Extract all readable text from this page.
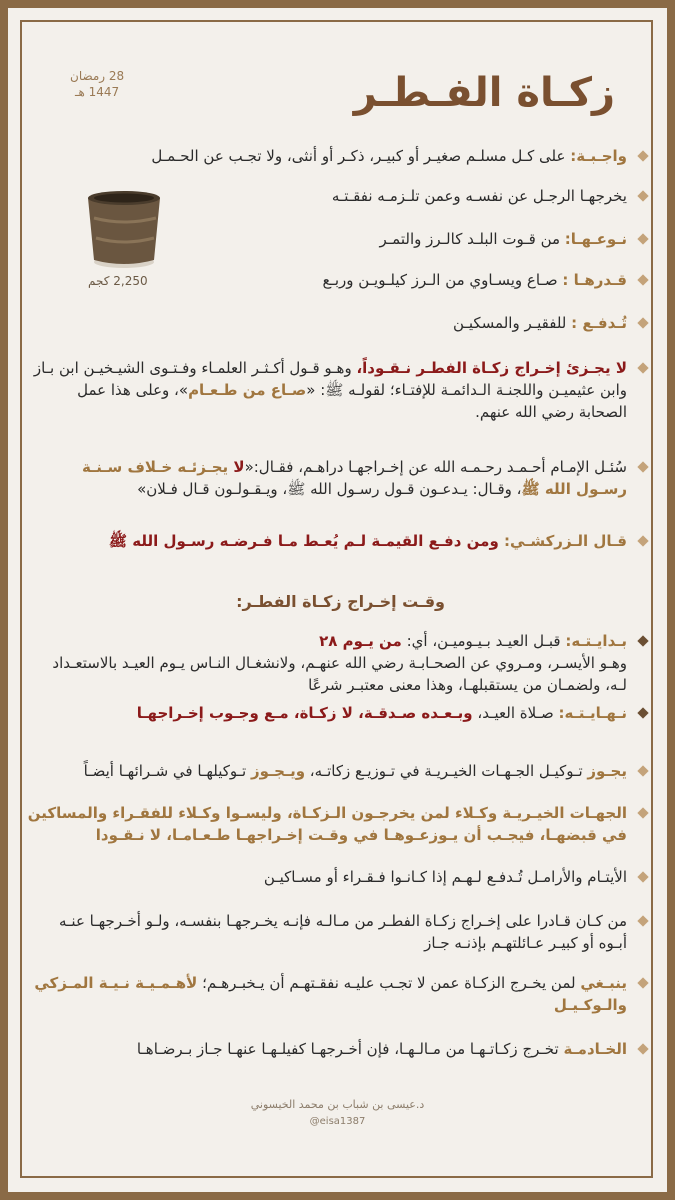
28 رمضان
1447 هـ	زكـاة الفـطـر
2,250 كجم
واجـبـة: على كـل مسلـم صغيـر أو كبيـر، ذكـر أو أنثى، ولا تجـب عن الحـمـل
يخرجهـا الرجـل عن نفسـه وعمن تلـزمـه نفقـتـه
نـوعـهـا: من قـوت البلـد كالـرز والتمـر
قـدرهـا : صـاع ويسـاوي من الـرز كيلـويـن وربـع
تُـدفـع : للفقيـر والمسكيـن
لا يجـزئ إخـراج زكـاة الفطـر نـقـوداً، وهـو قـول أكـثـر العلمـاء وفـتـوى الشيـخيـن ابن بـاز وابن عثيميـن واللجنـة الـدائمـة للإفتـاء؛ لقولـه ﷺ: «صـاع من طـعـام»، وعلى هذا عمل الصحابة رضي الله عنهم.
سُئـل الإمـام أحـمـد رحـمـه الله عن إخـراجهـا دراهـم، فقـال:«لا يجـزئـه خـلاف سـنـة رسـول الله ﷺ، وقـال: يـدعـون قـول رسـول الله ﷺ، ويـقـولـون قـال فـلان»
قـال الـزركشـي: ومن دفـع القيمـة لـم يُعـط مـا فـرضـه رسـول الله ﷺ
وقـت إخـراج زكـاة الفطـر:
بـدايـتـه: قبـل العيـد بـيـوميـن، أي: من يـوم ٢٨
وهـو الأيسـر، ومـروي عن الصحـابـة رضي الله عنهـم، ولانشغـال النـاس يـوم العيـد بالاستعـداد لـه، ولضمـان من يستقبلهـا، وهذا معنى معتبـر شرعًا
نـهـايـتـه: صـلاة العيـد، وبـعـده صـدقـة، لا زكـاة، مـع وجـوب إخـراجهـا
يجـوز تـوكيـل الجـهـات الخيـريـة في تـوزيـع زكاتـه، ويـجـوز تـوكيلهـا في شـرائهـا أيضـاً
الجهـات الخيـريـة وكـلاء لمن يخرجـون الـزكـاة، وليسـوا وكـلاء للفقـراء والمساكين في قبضهـا، فيجـب أن يـوزعـوهـا في وقـت إخـراجهـا طـعـامـا، لا نـقـودا
الأيتـام والأرامـل تُـدفـع لـهـم إذا كـانـوا فـقـراء أو مسـاكيـن
من كـان قـادرا على إخـراج زكـاة الفطـر من مـالـه فإنـه يخـرجهـا بنفسـه، ولـو أخـرجهـا عنـه أبـوه أو كبيـر عـائلتهـم بإذنـه جـاز
ينبـغي لمن يخـرج الزكـاة عمن لا تجـب عليـه نفقـتهـم أن يـخبـرهـم؛ لأهـمـيـة نـيـة المـزكي والـوكـيـل
الخـادمـة تخـرج زكـاتـهـا من مـالـهـا، فإن أخـرجهـا كفيلـهـا عنهـا جـاز بـرضـاهـا
د.عيسى بن شباب بن محمد الخيسوني
@eisa1387
